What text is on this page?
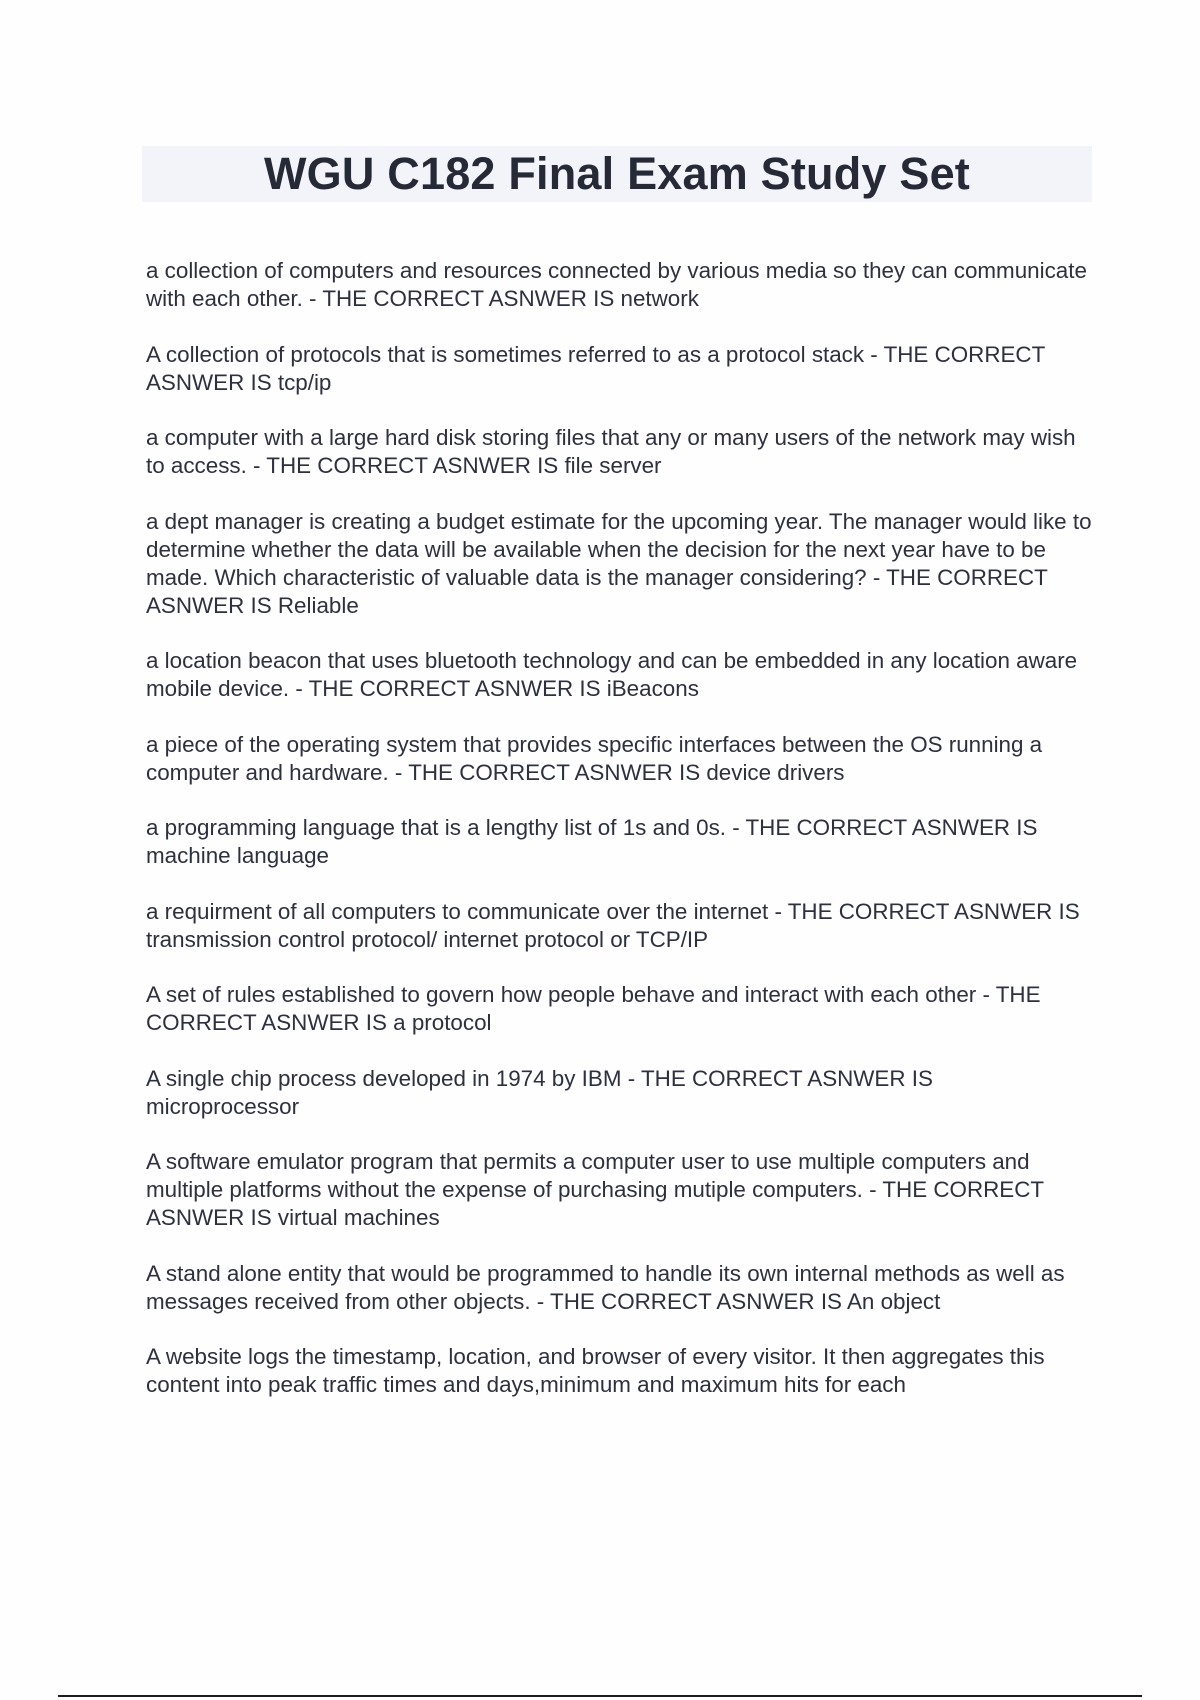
WGU C182 Final Exam Study Set
a collection of computers and resources connected by various media so they can communicate with each other. - THE CORRECT ASNWER IS network
A collection of protocols that is sometimes referred to as a protocol stack - THE CORRECT ASNWER IS tcp/ip
a computer with a large hard disk storing files that any or many users of the network may wish to access. - THE CORRECT ASNWER IS file server
a dept manager is creating a budget estimate for the upcoming year. The manager would like to determine whether the data will be available when the decision for the next year have to be made. Which characteristic of valuable data is the manager considering? - THE CORRECT ASNWER IS Reliable
a location beacon that uses bluetooth technology and can be embedded in any location aware mobile device. - THE CORRECT ASNWER IS iBeacons
a piece of the operating system that provides specific interfaces between the OS running a computer and hardware. - THE CORRECT ASNWER IS device drivers
a programming language that is a lengthy list of 1s and 0s. - THE CORRECT ASNWER IS machine language
a requirment of all computers to communicate over the internet - THE CORRECT ASNWER IS transmission control protocol/ internet protocol or TCP/IP
A set of rules established to govern how people behave and interact with each other - THE CORRECT ASNWER IS a protocol
A single chip process developed in 1974 by IBM - THE CORRECT ASNWER IS microprocessor
A software emulator program that permits a computer user to use multiple computers and multiple platforms without the expense of purchasing mutiple computers. - THE CORRECT ASNWER IS virtual machines
A stand alone entity that would be programmed to handle its own internal methods as well as messages received from other objects. - THE CORRECT ASNWER IS An object
A website logs the timestamp, location, and browser of every visitor. It then aggregates this content into peak traffic times and days,minimum and maximum hits for each
